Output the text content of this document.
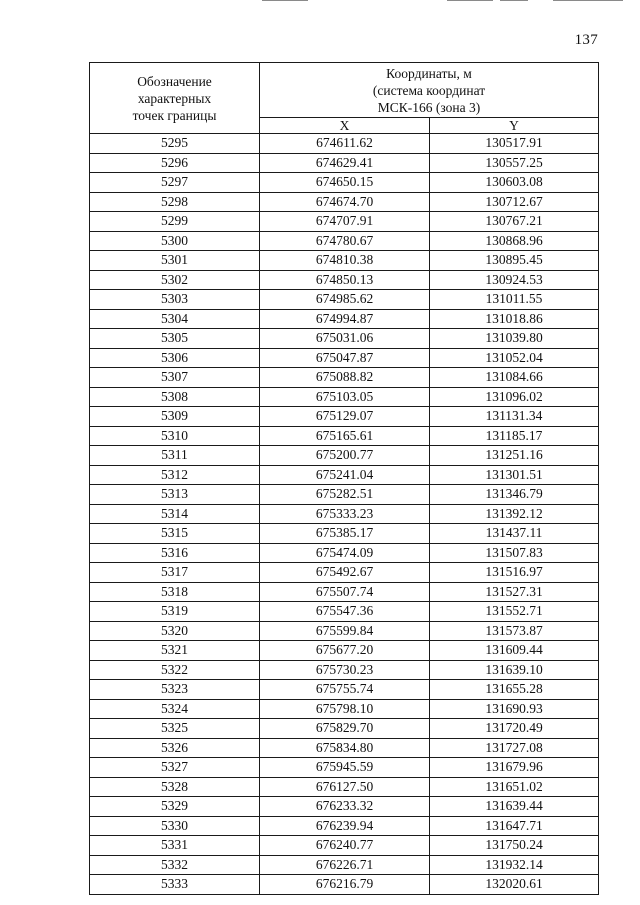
137
Обозначение
характерных
точек границы	Координаты, м
(система координат
МСК-166 (зона 3)	

	X	Y
5295	674611.62	130517.91
5296	674629.41	130557.25
5297	674650.15	130603.08
5298	674674.70	130712.67
5299	674707.91	130767.21
5300	674780.67	130868.96
5301	674810.38	130895.45
5302	674850.13	130924.53
5303	674985.62	131011.55
5304	674994.87	131018.86
5305	675031.06	131039.80
5306	675047.87	131052.04
5307	675088.82	131084.66
5308	675103.05	131096.02
5309	675129.07	131131.34
5310	675165.61	131185.17
5311	675200.77	131251.16
5312	675241.04	131301.51
5313	675282.51	131346.79
5314	675333.23	131392.12
5315	675385.17	131437.11
5316	675474.09	131507.83
5317	675492.67	131516.97
5318	675507.74	131527.31
5319	675547.36	131552.71
5320	675599.84	131573.87
5321	675677.20	131609.44
5322	675730.23	131639.10
5323	675755.74	131655.28
5324	675798.10	131690.93
5325	675829.70	131720.49
5326	675834.80	131727.08
5327	675945.59	131679.96
5328	676127.50	131651.02
5329	676233.32	131639.44
5330	676239.94	131647.71
5331	676240.77	131750.24
5332	676226.71	131932.14
5333	676216.79	132020.61
